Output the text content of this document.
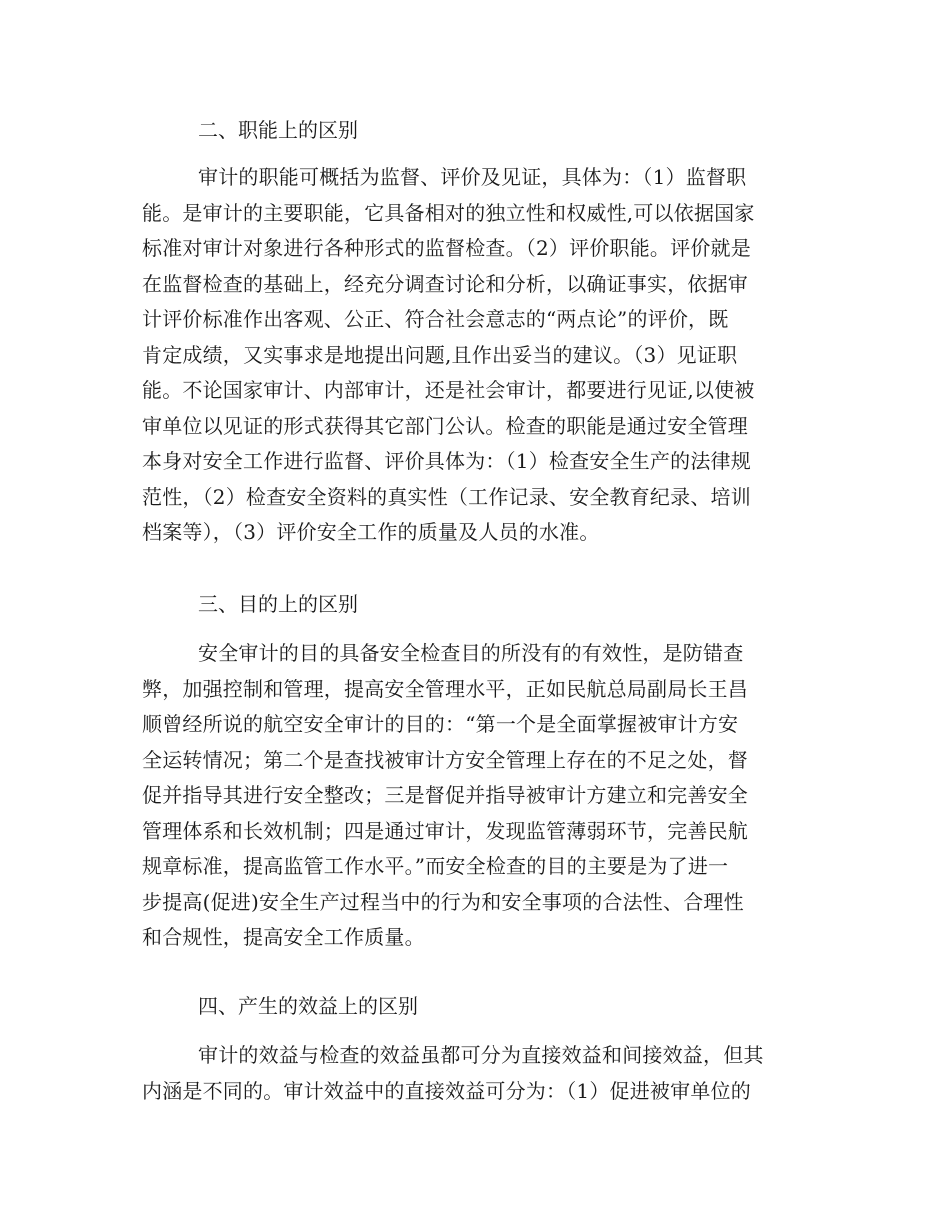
二、职能上的区别
审计的职能可概括为监督、评价及见证，具体为：（1）监督职
能。是审计的主要职能，它具备相对的独立性和权威性,可以依据国家
标准对审计对象进行各种形式的监督检查。（2）评价职能。评价就是
在监督检查的基础上，经充分调查讨论和分析，以确证事实，依据审
计评价标准作出客观、公正、符合社会意志的“两点论”的评价，既
肯定成绩，又实事求是地提出问题,且作出妥当的建议。（3）见证职
能。不论国家审计、内部审计，还是社会审计，都要进行见证,以使被
审单位以见证的形式获得其它部门公认。检查的职能是通过安全管理
本身对安全工作进行监督、评价具体为：（1）检查安全生产的法律规
范性，（2）检查安全资料的真实性（工作记录、安全教育纪录、培训
档案等），（3）评价安全工作的质量及人员的水准。
三、目的上的区别
安全审计的目的具备安全检查目的所没有的有效性，是防错查
弊，加强控制和管理，提高安全管理水平，正如民航总局副局长王昌
顺曾经所说的航空安全审计的目的：“第一个是全面掌握被审计方安
全运转情况；第二个是查找被审计方安全管理上存在的不足之处，督
促并指导其进行安全整改；三是督促并指导被审计方建立和完善安全
管理体系和长效机制；四是通过审计，发现监管薄弱环节，完善民航
规章标准，提高监管工作水平。”而安全检查的目的主要是为了进一
步提高(促进)安全生产过程当中的行为和安全事项的合法性、合理性
和合规性，提高安全工作质量。
四、产生的效益上的区别
审计的效益与检查的效益虽都可分为直接效益和间接效益，但其
内涵是不同的。审计效益中的直接效益可分为：（1）促进被审单位的
